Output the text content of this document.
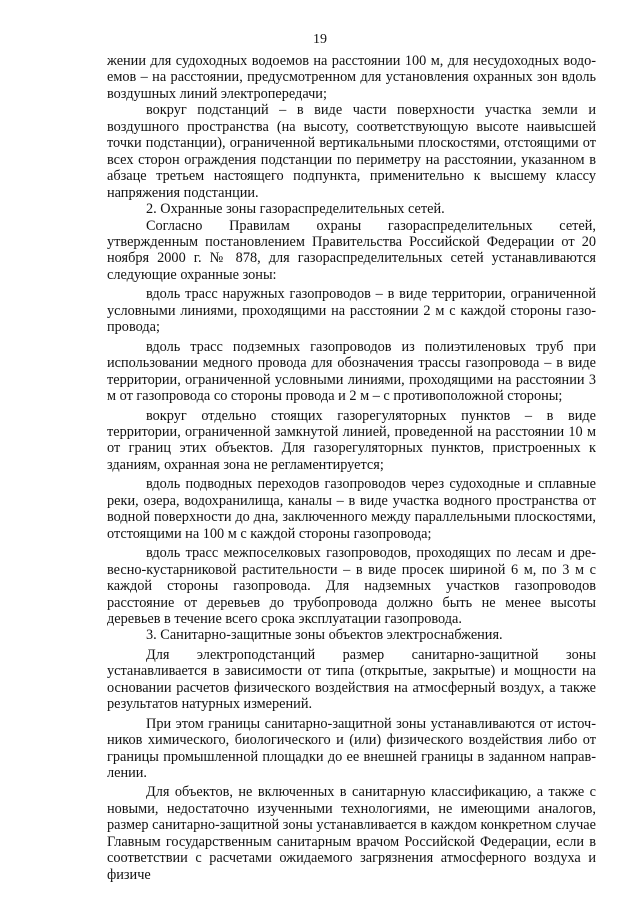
19

жении для судоходных водоемов на расстоянии 100 м, для несудоходных водоемов – на расстоянии, предусмотренном для установления охранных зон вдоль воздушных линий электропередачи;

вокруг подстанций – в виде части поверхности участка земли и воздушного пространства (на высоту, соответствующую высоте наивысшей точки подстанции), ограниченной вертикальными плоскостями, отстоящими от всех сторон ограждения подстанции по периметру на расстоянии, указанном в абзаце третьем настоящего подпункта, применительно к высшему классу напряжения подстанции.

2. Охранные зоны газораспределительных сетей.

Согласно Правилам охраны газораспределительных сетей, утвержденным постановлением Правительства Российской Федерации от 20 ноября 2000 г. № 878, для газораспределительных сетей устанавливаются следующие охранные зоны:

вдоль трасс наружных газопроводов – в виде территории, ограниченной условными линиями, проходящими на расстоянии 2 м с каждой стороны газопровода;

вдоль трасс подземных газопроводов из полиэтиленовых труб при использовании медного провода для обозначения трассы газопровода – в виде территории, ограниченной условными линиями, проходящими на расстоянии 3 м от газопровода со стороны провода и 2 м – с противоположной стороны;

вокруг отдельно стоящих газорегуляторных пунктов – в виде территории, ограниченной замкнутой линией, проведенной на расстоянии 10 м от границ этих объектов. Для газорегуляторных пунктов, пристроенных к зданиям, охранная зона не регламентируется;

вдоль подводных переходов газопроводов через судоходные и сплавные реки, озера, водохранилища, каналы – в виде участка водного пространства от водной поверхности до дна, заключенного между параллельными плоскостями, отстоящими на 100 м с каждой стороны газопровода;

вдоль трасс межпоселковых газопроводов, проходящих по лесам и древесно-кустарниковой растительности – в виде просек шириной 6 м, по 3 м с каждой стороны газопровода. Для надземных участков газопроводов расстояние от деревьев до трубопровода должно быть не менее высоты деревьев в течение всего срока эксплуатации газопровода.

3. Санитарно-защитные зоны объектов электроснабжения.

Для электроподстанций размер санитарно-защитной зоны устанавливается в зависимости от типа (открытые, закрытые) и мощности на основании расчетов физического воздействия на атмосферный воздух, а также результатов натурных измерений.

При этом границы санитарно-защитной зоны устанавливаются от источников химического, биологического и (или) физического воздействия либо от границы промышленной площадки до ее внешней границы в заданном направлении.

Для объектов, не включенных в санитарную классификацию, а также с новыми, недостаточно изученными технологиями, не имеющими аналогов, размер санитарно-защитной зоны устанавливается в каждом конкретном случае Главным государственным санитарным врачом Российской Федерации, если в соответствии с расчетами ожидаемого загрязнения атмосферного воздуха и физиче
